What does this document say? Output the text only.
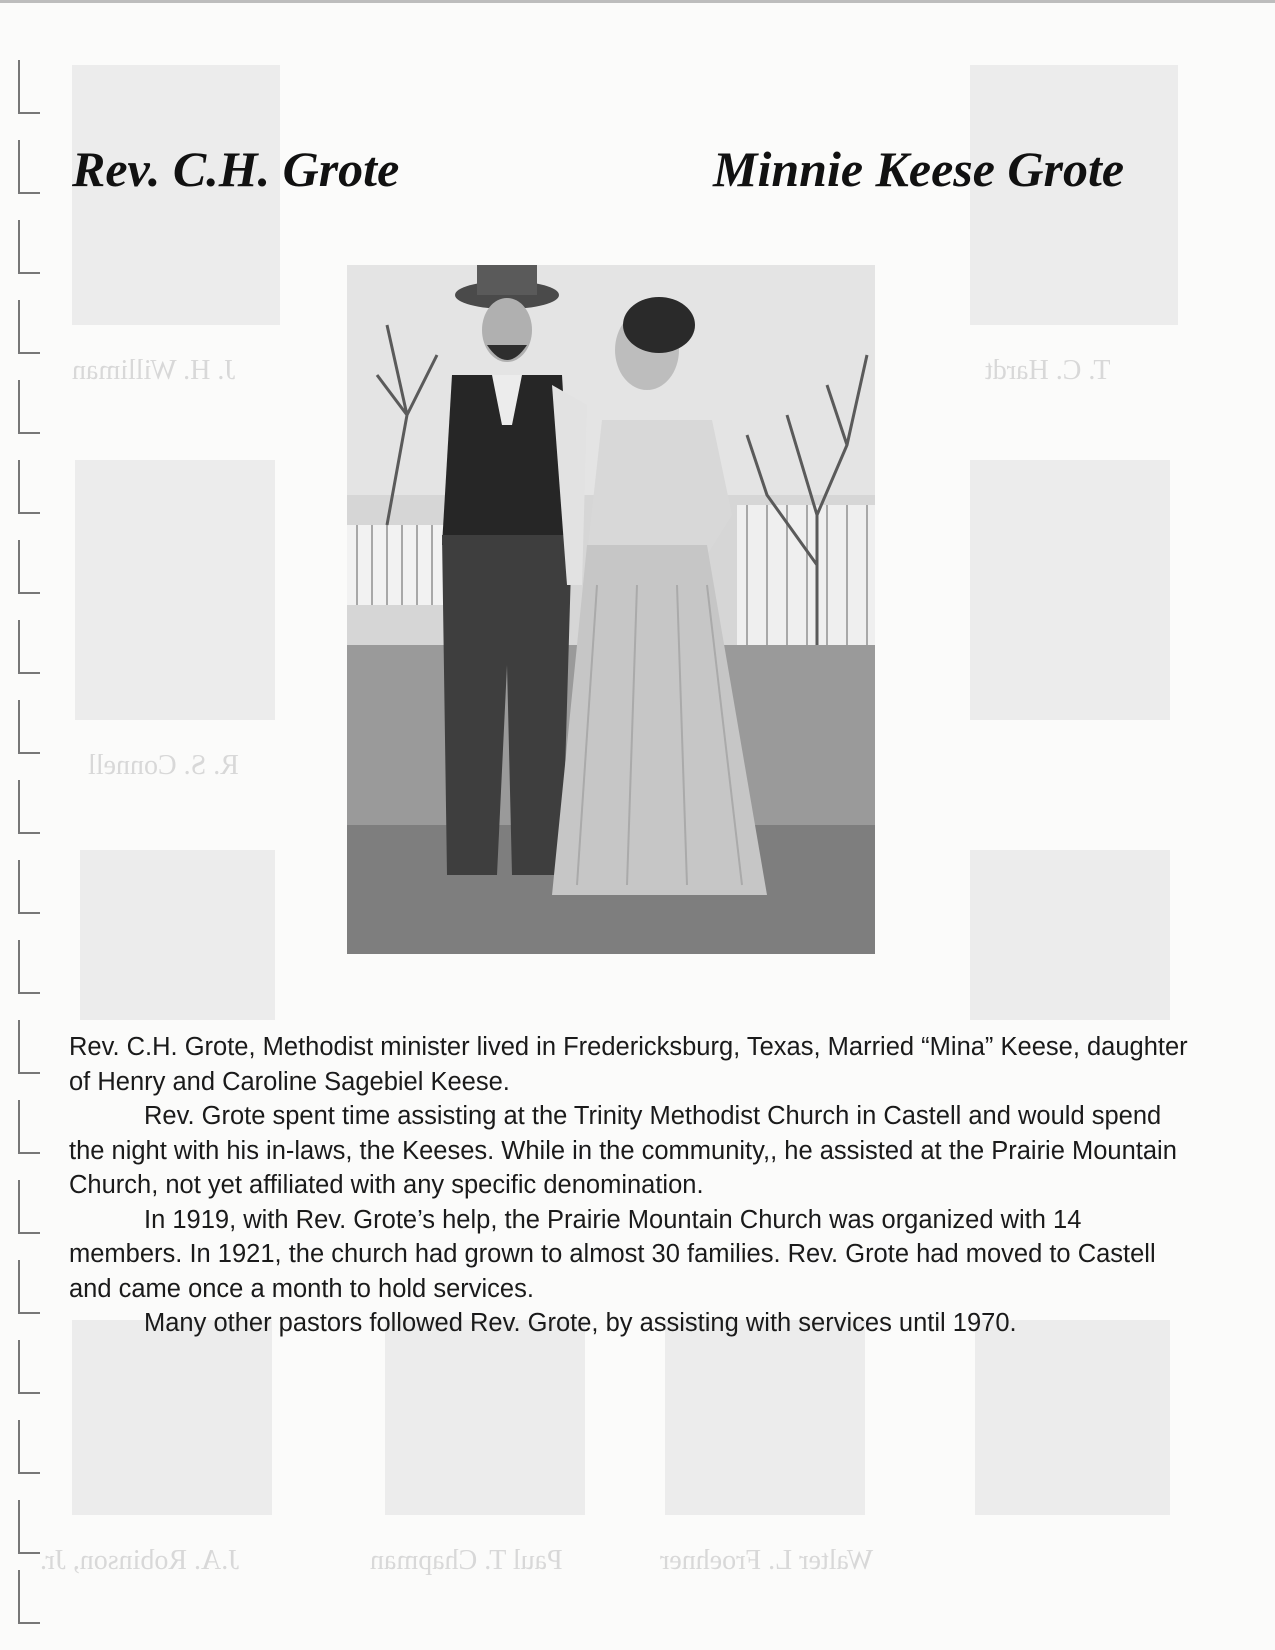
J. H. Williman	T. C. Hardt
R. S. Connell
J.A. Robinson, Jr.	Paul T. Chapman	Walter L. Froehner
Rev. C.H. Grote	Minnie Keese Grote

Rev. C.H. Grote, Methodist minister lived in Fredericksburg, Texas, Married “Mina” Keese, daughter of Henry and Caroline Sagebiel Keese.

Rev. Grote spent time assisting at the Trinity Methodist Church in Castell and would spend the night with his in-laws, the Keeses. While in the community,, he assisted at the Prairie Mountain Church, not yet affiliated with any specific denomination.

In 1919, with Rev. Grote’s help, the Prairie Mountain Church was organized with 14 members. In 1921, the church had grown to almost 30 families. Rev. Grote had moved to Castell and came once a month to hold services.

Many other pastors followed Rev. Grote, by assisting with services until 1970.
